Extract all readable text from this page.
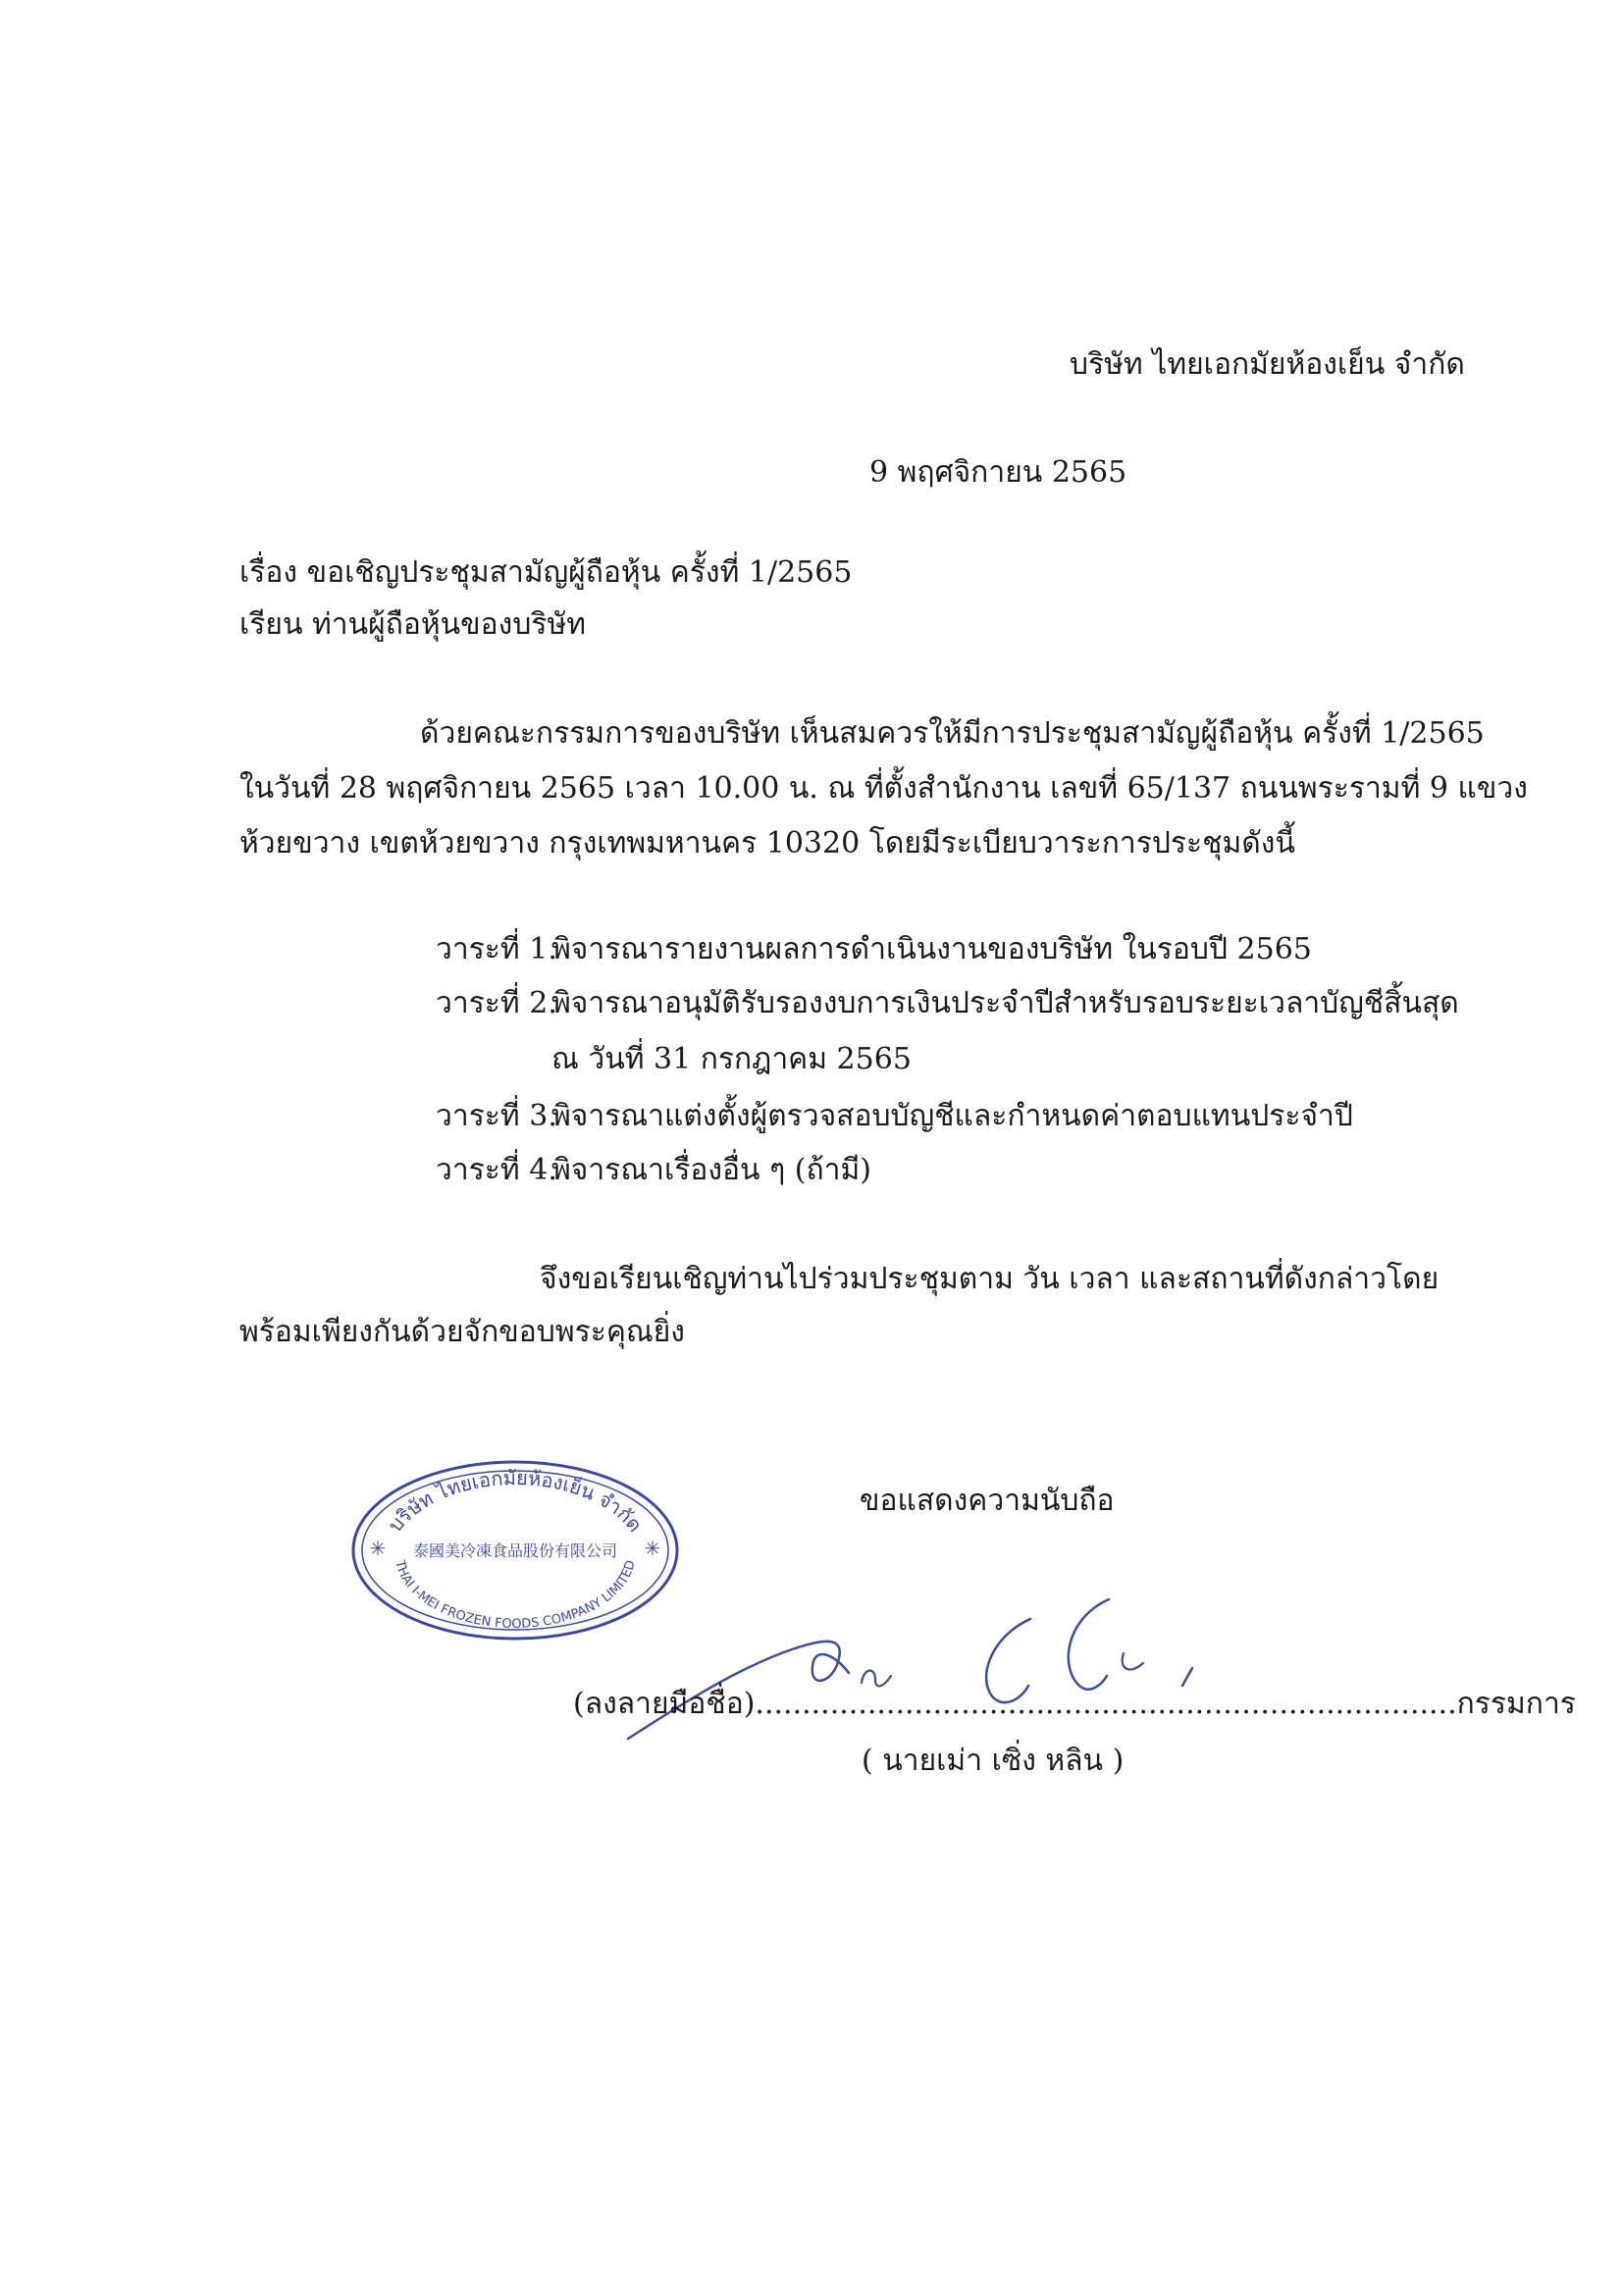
บริษัท ไทยเอกมัยห้องเย็น จำกัด
9 พฤศจิกายน 2565
เรื่อง ขอเชิญประชุมสามัญผู้ถือหุ้น ครั้งที่ 1/2565
เรียน ท่านผู้ถือหุ้นของบริษัท
ด้วยคณะกรรมการของบริษัท เห็นสมควรให้มีการประชุมสามัญผู้ถือหุ้น ครั้งที่ 1/2565
ในวันที่ 28 พฤศจิกายน 2565 เวลา 10.00 น. ณ ที่ตั้งสำนักงาน เลขที่ 65/137 ถนนพระรามที่ 9 แขวง
ห้วยขวาง เขตห้วยขวาง กรุงเทพมหานคร 10320 โดยมีระเบียบวาระการประชุมดังนี้
วาระที่ 1.
พิจารณารายงานผลการดำเนินงานของบริษัท ในรอบปี 2565
วาระที่ 2.
พิจารณาอนุมัติรับรองงบการเงินประจำปีสำหรับรอบระยะเวลาบัญชีสิ้นสุด
ณ วันที่ 31 กรกฎาคม 2565
วาระที่ 3.
พิจารณาแต่งตั้งผู้ตรวจสอบบัญชีและกำหนดค่าตอบแทนประจำปี
วาระที่ 4.
พิจารณาเรื่องอื่น ๆ (ถ้ามี)
จึงขอเรียนเชิญท่านไปร่วมประชุมตาม วัน เวลา และสถานที่ดังกล่าวโดย
พร้อมเพียงกันด้วยจักขอบพระคุณยิ่ง
ขอแสดงความนับถือ
บริษัท ไทยเอกมัยห้องเย็น จำกัด
THAI I-MEI FROZEN FOODS COMPANY LIMITED
泰國美冷凍食品股份有限公司
✳	✳
(ลงลายมือชื่อ)...........................................................................กรรมการ
( นายเม่า เซิ่ง หลิน )
